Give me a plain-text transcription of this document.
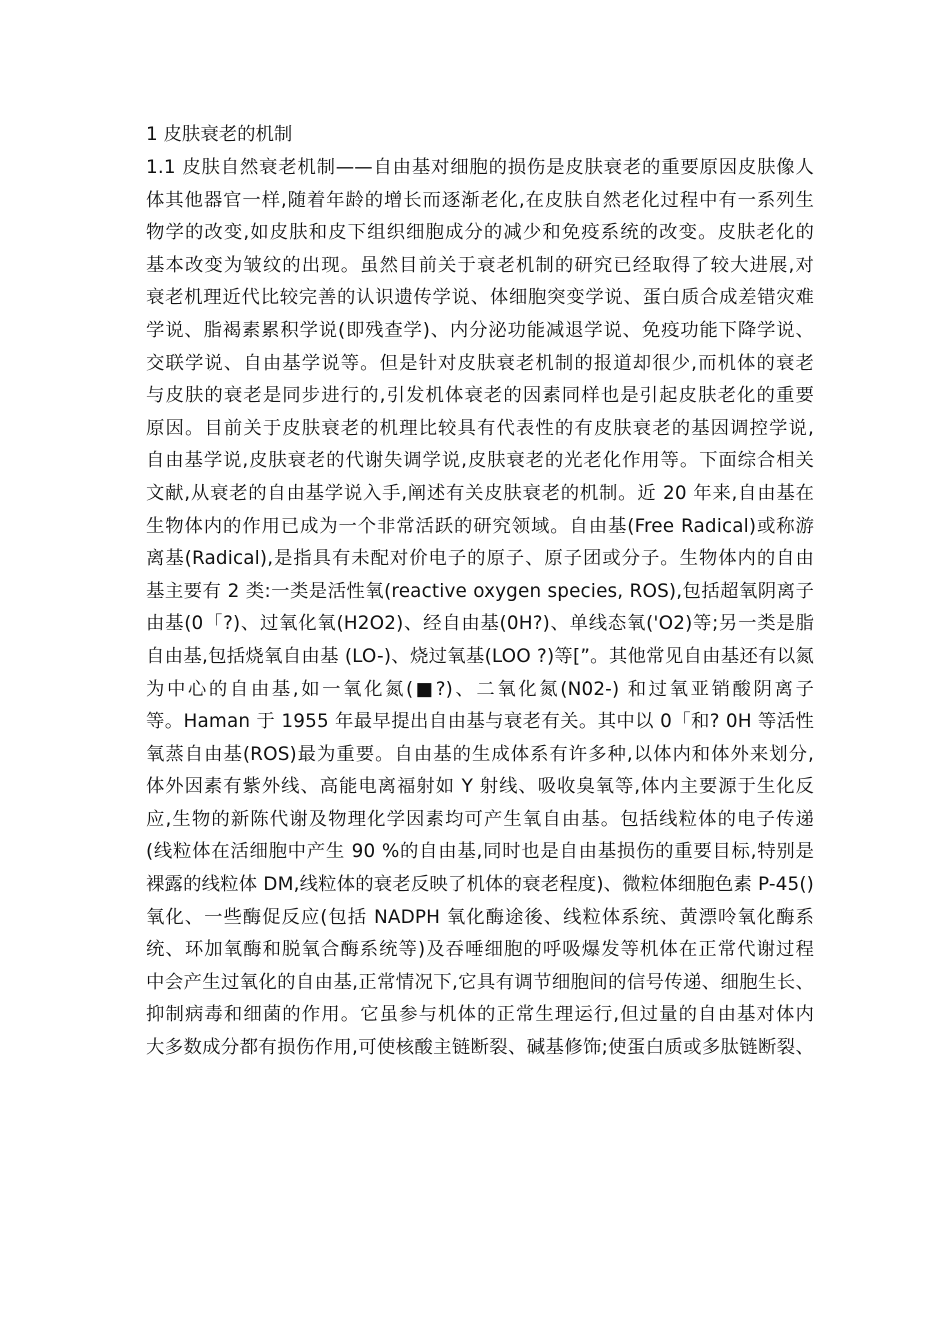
1 皮肤衰老的机制
1.1 皮肤自然衰老机制——自由基对细胞的损伤是皮肤衰老的重要原因皮肤像人
体其他器官一样,随着年龄的增长而逐渐老化,在皮肤自然老化过程中有一系列生
物学的改变,如皮肤和皮下组织细胞成分的减少和免疫系统的改变。皮肤老化的
基本改变为皱纹的出现。虽然目前关于衰老机制的研究已经取得了较大进展,对
衰老机理近代比较完善的认识遗传学说、体细胞突变学说、蛋白质合成差错灾难
学说、脂褐素累积学说(即残查学)、内分泌功能减退学说、免疫功能下降学说、
交联学说、自由基学说等。但是针对皮肤衰老机制的报道却很少,而机体的衰老
与皮肤的衰老是同步进行的,引发机体衰老的因素同样也是引起皮肤老化的重要
原因。目前关于皮肤衰老的机理比较具有代表性的有皮肤衰老的基因调控学说,
自由基学说,皮肤衰老的代谢失调学说,皮肤衰老的光老化作用等。下面综合相关
文献,从衰老的自由基学说入手,阐述有关皮肤衰老的机制。近 20 年来,自由基在
生物体内的作用已成为一个非常活跃的研究领域。自由基(Free Radical)或称游
离基(Radical),是指具有未配对价电子的原子、原子团或分子。生物体内的自由
基主要有 2 类:一类是活性氧(reactive oxygen species, ROS),包括超氧阴离子
由基(0「?)、过氧化氧(H2O2)、经自由基(0H?)、单线态氧('O2)等;另一类是脂
自由基,包括烧氧自由基 (LO-)、烧过氧基(LOO ?)等[”。其他常见自由基还有以氮
为中心的自由基,如一氧化氮(■?)、二氧化氮(N02-) 和过氧亚销酸阴离子
等。Haman 于 1955 年最早提出自由基与衰老有关。其中以 0「和? 0H 等活性
氧蒸自由基(ROS)最为重要。自由基的生成体系有许多种,以体内和体外来划分,
体外因素有紫外线、高能电离福射如 Y 射线、吸收臭氧等,体内主要源于生化反
应,生物的新陈代谢及物理化学因素均可产生氧自由基。包括线粒体的电子传递
(线粒体在活细胞中产生 90 %的自由基,同时也是自由基损伤的重要目标,特别是
裸露的线粒体 DM,线粒体的衰老反映了机体的衰老程度)、微粒体细胞色素 P-45()
氧化、一些酶促反应(包括 NADPH 氧化酶途後、线粒体系统、黄漂呤氧化酶系
统、环加氧酶和脱氧合酶系统等)及吞唾细胞的呼吸爆发等机体在正常代谢过程
中会产生过氧化的自由基,正常情况下,它具有调节细胞间的信号传递、细胞生长、
抑制病毒和细菌的作用。它虽参与机体的正常生理运行,但过量的自由基对体内
大多数成分都有损伤作用,可使核酸主链断裂、碱基修饰;使蛋白质或多肽链断裂、
